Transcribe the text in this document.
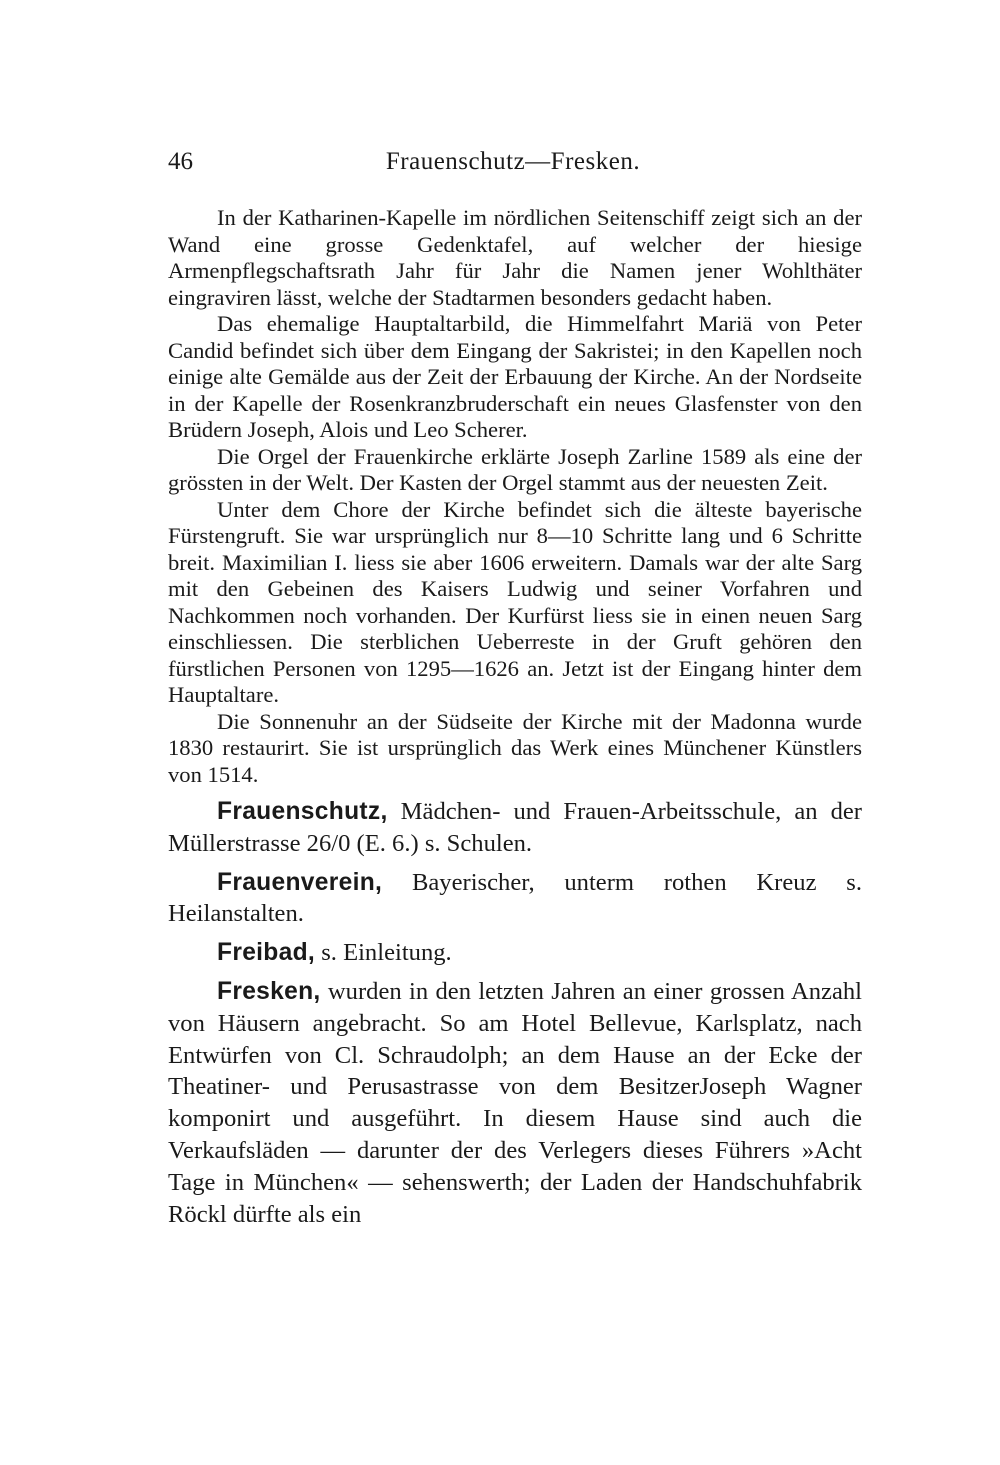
46	Frauenschutz—Fresken.

In der Katharinen-Kapelle im nördlichen Seitenschiff zeigt sich an der Wand eine grosse Gedenktafel, auf welcher der hiesige Armenpflegschaftsrath Jahr für Jahr die Namen jener Wohlthäter eingraviren lässt, welche der Stadtarmen besonders gedacht haben.

Das ehemalige Hauptaltarbild, die Himmelfahrt Mariä von Peter Candid befindet sich über dem Eingang der Sakristei; in den Kapellen noch einige alte Gemälde aus der Zeit der Erbauung der Kirche. An der Nordseite in der Kapelle der Rosenkranzbruderschaft ein neues Glasfenster von den Brüdern Joseph, Alois und Leo Scherer.

Die Orgel der Frauenkirche erklärte Joseph Zarline 1589 als eine der grössten in der Welt. Der Kasten der Orgel stammt aus der neuesten Zeit.

Unter dem Chore der Kirche befindet sich die älteste bayerische Fürstengruft. Sie war ursprünglich nur 8—10 Schritte lang und 6 Schritte breit. Maximilian I. liess sie aber 1606 erweitern. Damals war der alte Sarg mit den Gebeinen des Kaisers Ludwig und seiner Vorfahren und Nachkommen noch vorhanden. Der Kurfürst liess sie in einen neuen Sarg einschliessen. Die sterblichen Ueberreste in der Gruft gehören den fürstlichen Personen von 1295—1626 an. Jetzt ist der Eingang hinter dem Hauptaltare.

Die Sonnenuhr an der Südseite der Kirche mit der Madonna wurde 1830 restaurirt. Sie ist ursprünglich das Werk eines Münchener Künstlers von 1514.

Frauenschutz, Mädchen- und Frauen-Arbeitsschule, an der Müllerstrasse 26/0 (E. 6.) s. Schulen.

Frauenverein, Bayerischer, unterm rothen Kreuz s. Heilanstalten.

Freibad, s. Einleitung.

Fresken, wurden in den letzten Jahren an einer grossen Anzahl von Häusern angebracht. So am Hotel Bellevue, Karlsplatz, nach Entwürfen von Cl. Schraudolph; an dem Hause an der Ecke der Theatiner- und Perusastrasse von dem BesitzerJoseph Wagner komponirt und ausgeführt. In diesem Hause sind auch die Verkaufsläden — darunter der des Verlegers dieses Führers »Acht Tage in München« — sehenswerth; der Laden der Handschuhfabrik Röckl dürfte als ein
